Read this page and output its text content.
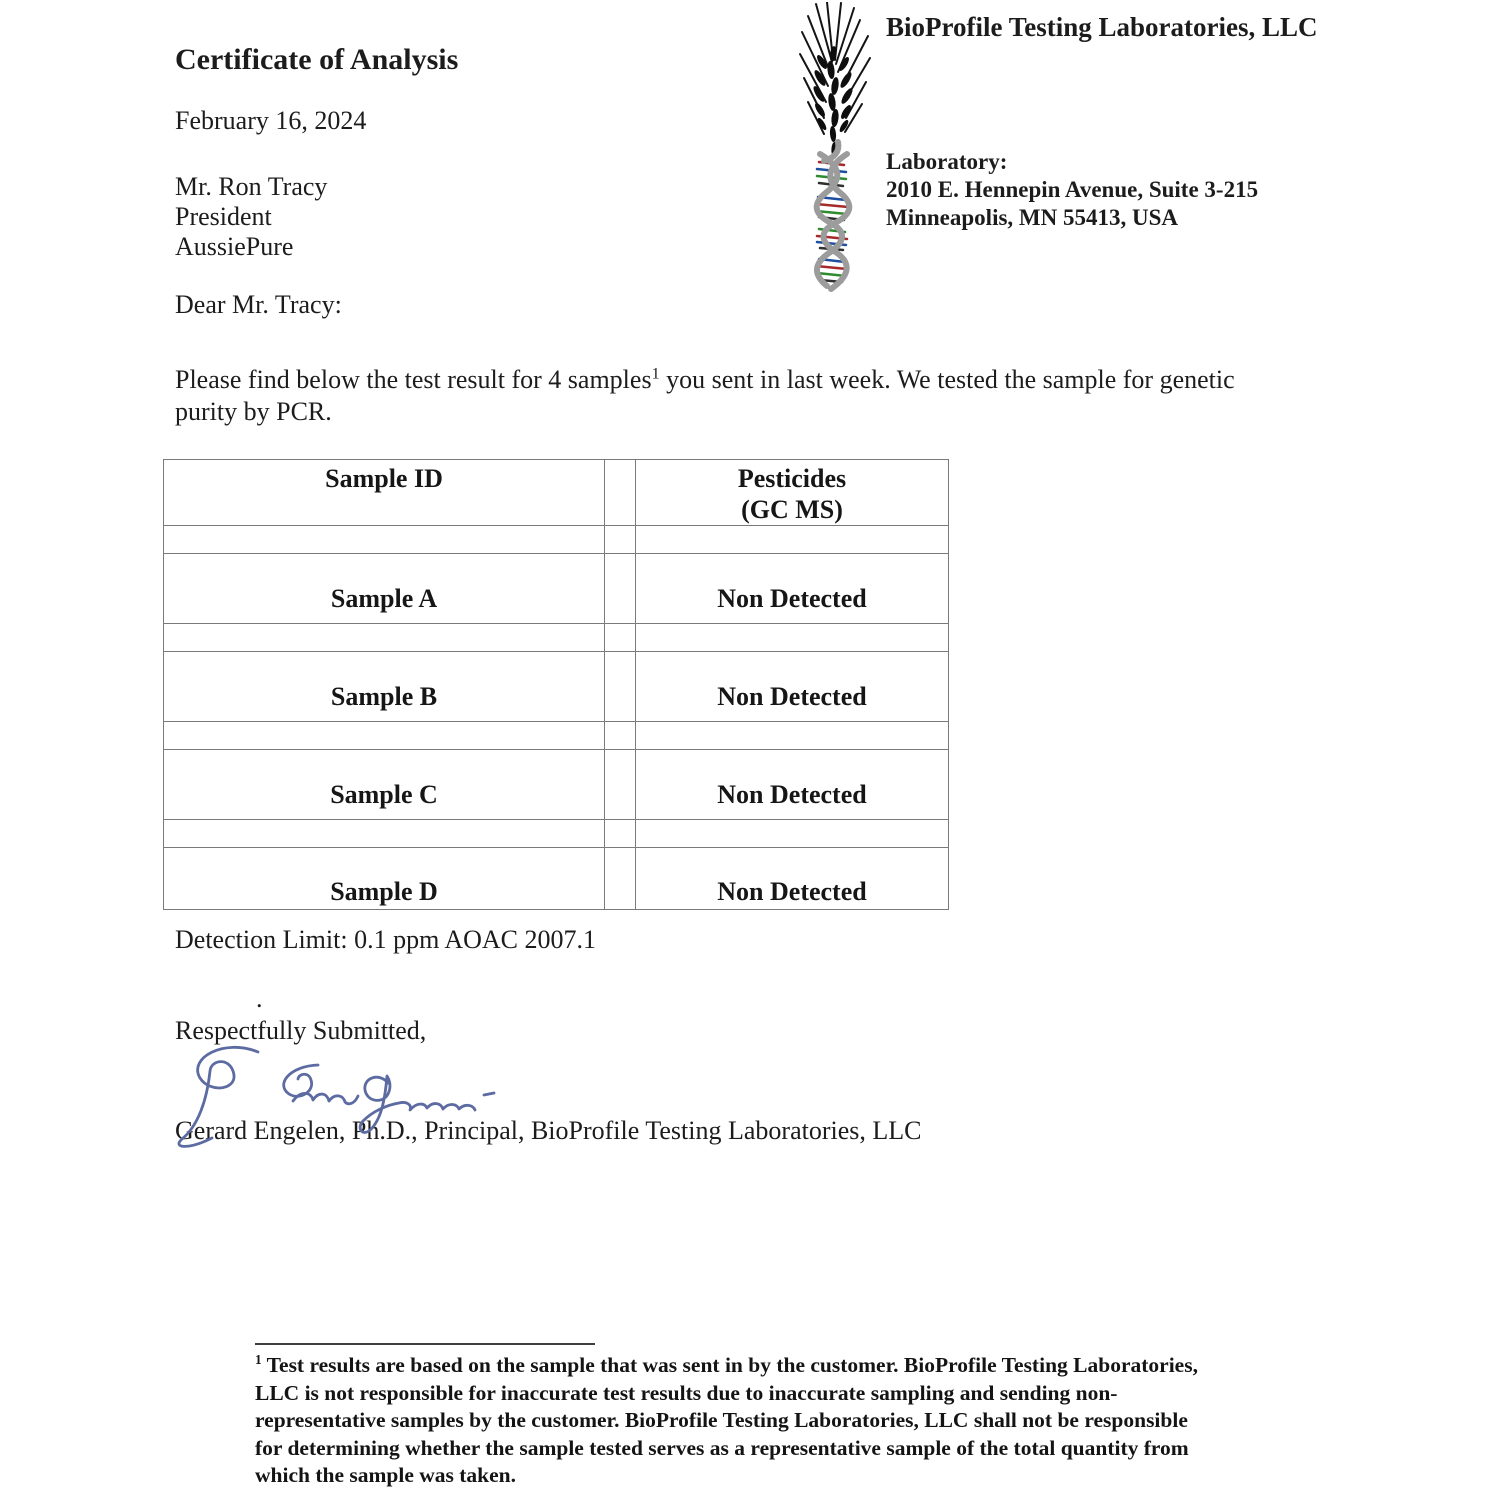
Certificate of Analysis
February 16, 2024
Mr. Ron Tracy
President
AussiePure
Dear Mr. Tracy:
Please find below the test result for 4 samples$^1$ you sent in last week. We tested the sample for genetic purity by PCR.
BioProfile Testing Laboratories, LLC
Laboratory:
2010 E. Hennepin Avenue, Suite 3-215
Minneapolis, MN 55413, USA
Sample ID		Pesticides
(GC MS)

Sample A		Non Detected

Sample B		Non Detected

Sample C		Non Detected

Sample D		Non Detected
Detection Limit: 0.1 ppm AOAC 2007.1
.
Respectfully Submitted,
Gerard Engelen, Ph.D., Principal, BioProfile Testing Laboratories, LLC
$^1$ Test results are based on the sample that was sent in by the customer. BioProfile Testing Laboratories, LLC is not responsible for inaccurate test results due to inaccurate sampling and sending non-representative samples by the customer. BioProfile Testing Laboratories, LLC shall not be responsible for determining whether the sample tested serves as a representative sample of the total quantity from which the sample was taken.
